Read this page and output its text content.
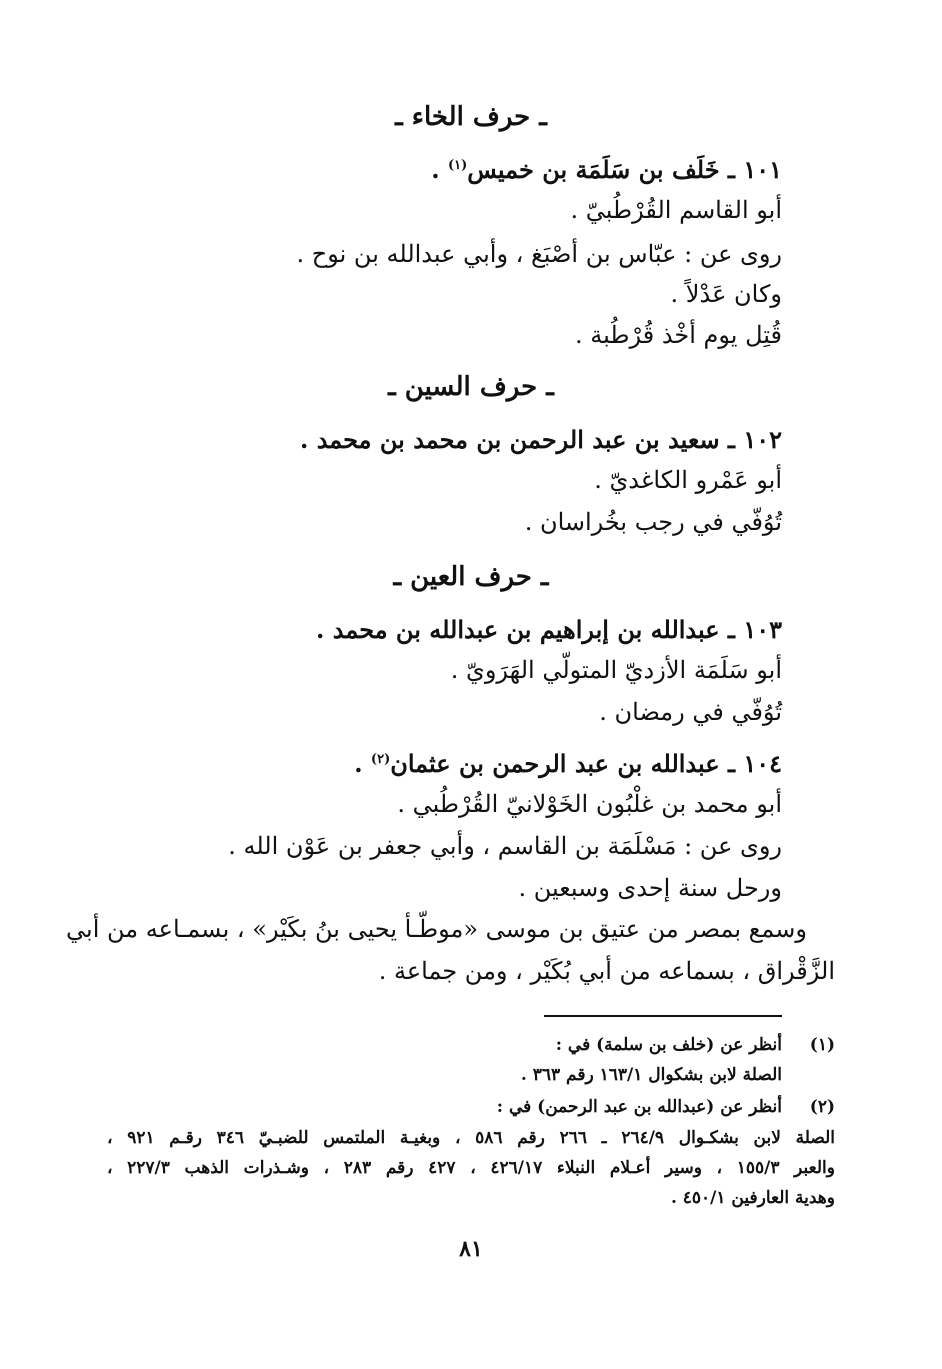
ـ حرف الخاء ـ
١٠١ ـ خَلَف بن سَلَمَة بن خميس$^{(١)}$ .
أبو القاسم القُرْطُبيّ .
روى عن : عبّاس بن أصْبَغ ، وأبي عبدالله بن نوح .
وكان عَدْلاً .
قُتِل يوم أخْذ قُرْطُبة .
ـ حرف السين ـ
١٠٢ ـ سعيد بن عبد الرحمن بن محمد بن محمد .
أبو عَمْرو الكاغديّ .
تُوُفّي في رجب بخُراسان .
ـ حرف العين ـ
١٠٣ ـ عبدالله بن إبراهيم بن عبدالله بن محمد .
أبو سَلَمَة الأزديّ المتولّي الهَرَويّ .
تُوُفّي في رمضان .
١٠٤ ـ عبدالله بن عبد الرحمن بن عثمان$^{(٢)}$ .
أبو محمد بن غلْبُون الخَوْلانيّ القُرْطُبي .
روى عن : مَسْلَمَة بن القاسم ، وأبي جعفر بن عَوْن الله .
ورحل سنة إحدى وسبعين .
وسمع بمصر من عتيق بن موسى «موطّـأ يحيى بنُ بكَيْر» ، بسمـاعه من أبي
الزَّقْراق ، بسماعه من أبي بُكَيْر ، ومن جماعة .
(١)
أنظر عن (خلف بن سلمة) في :
الصلة لابن بشكوال ١٦٣/١ رقم ٣٦٣ .
(٢)
أنظر عن (عبدالله بن عبد الرحمن) في :
الصلة لابن بشكـوال ٢٦٤/٩ ـ ٢٦٦ رقم ٥٨٦ ، وبغيـة الملتمس للضبـيّ ٣٤٦ رقـم ٩٢١ ،
والعبر ١٥٥/٣ ، وسير أعـلام النبلاء ٤٢٦/١٧ ، ٤٢٧ رقم ٢٨٣ ، وشـذرات الذهب ٢٢٧/٣ ،
وهدية العارفين ٤٥٠/١ .
٨١
